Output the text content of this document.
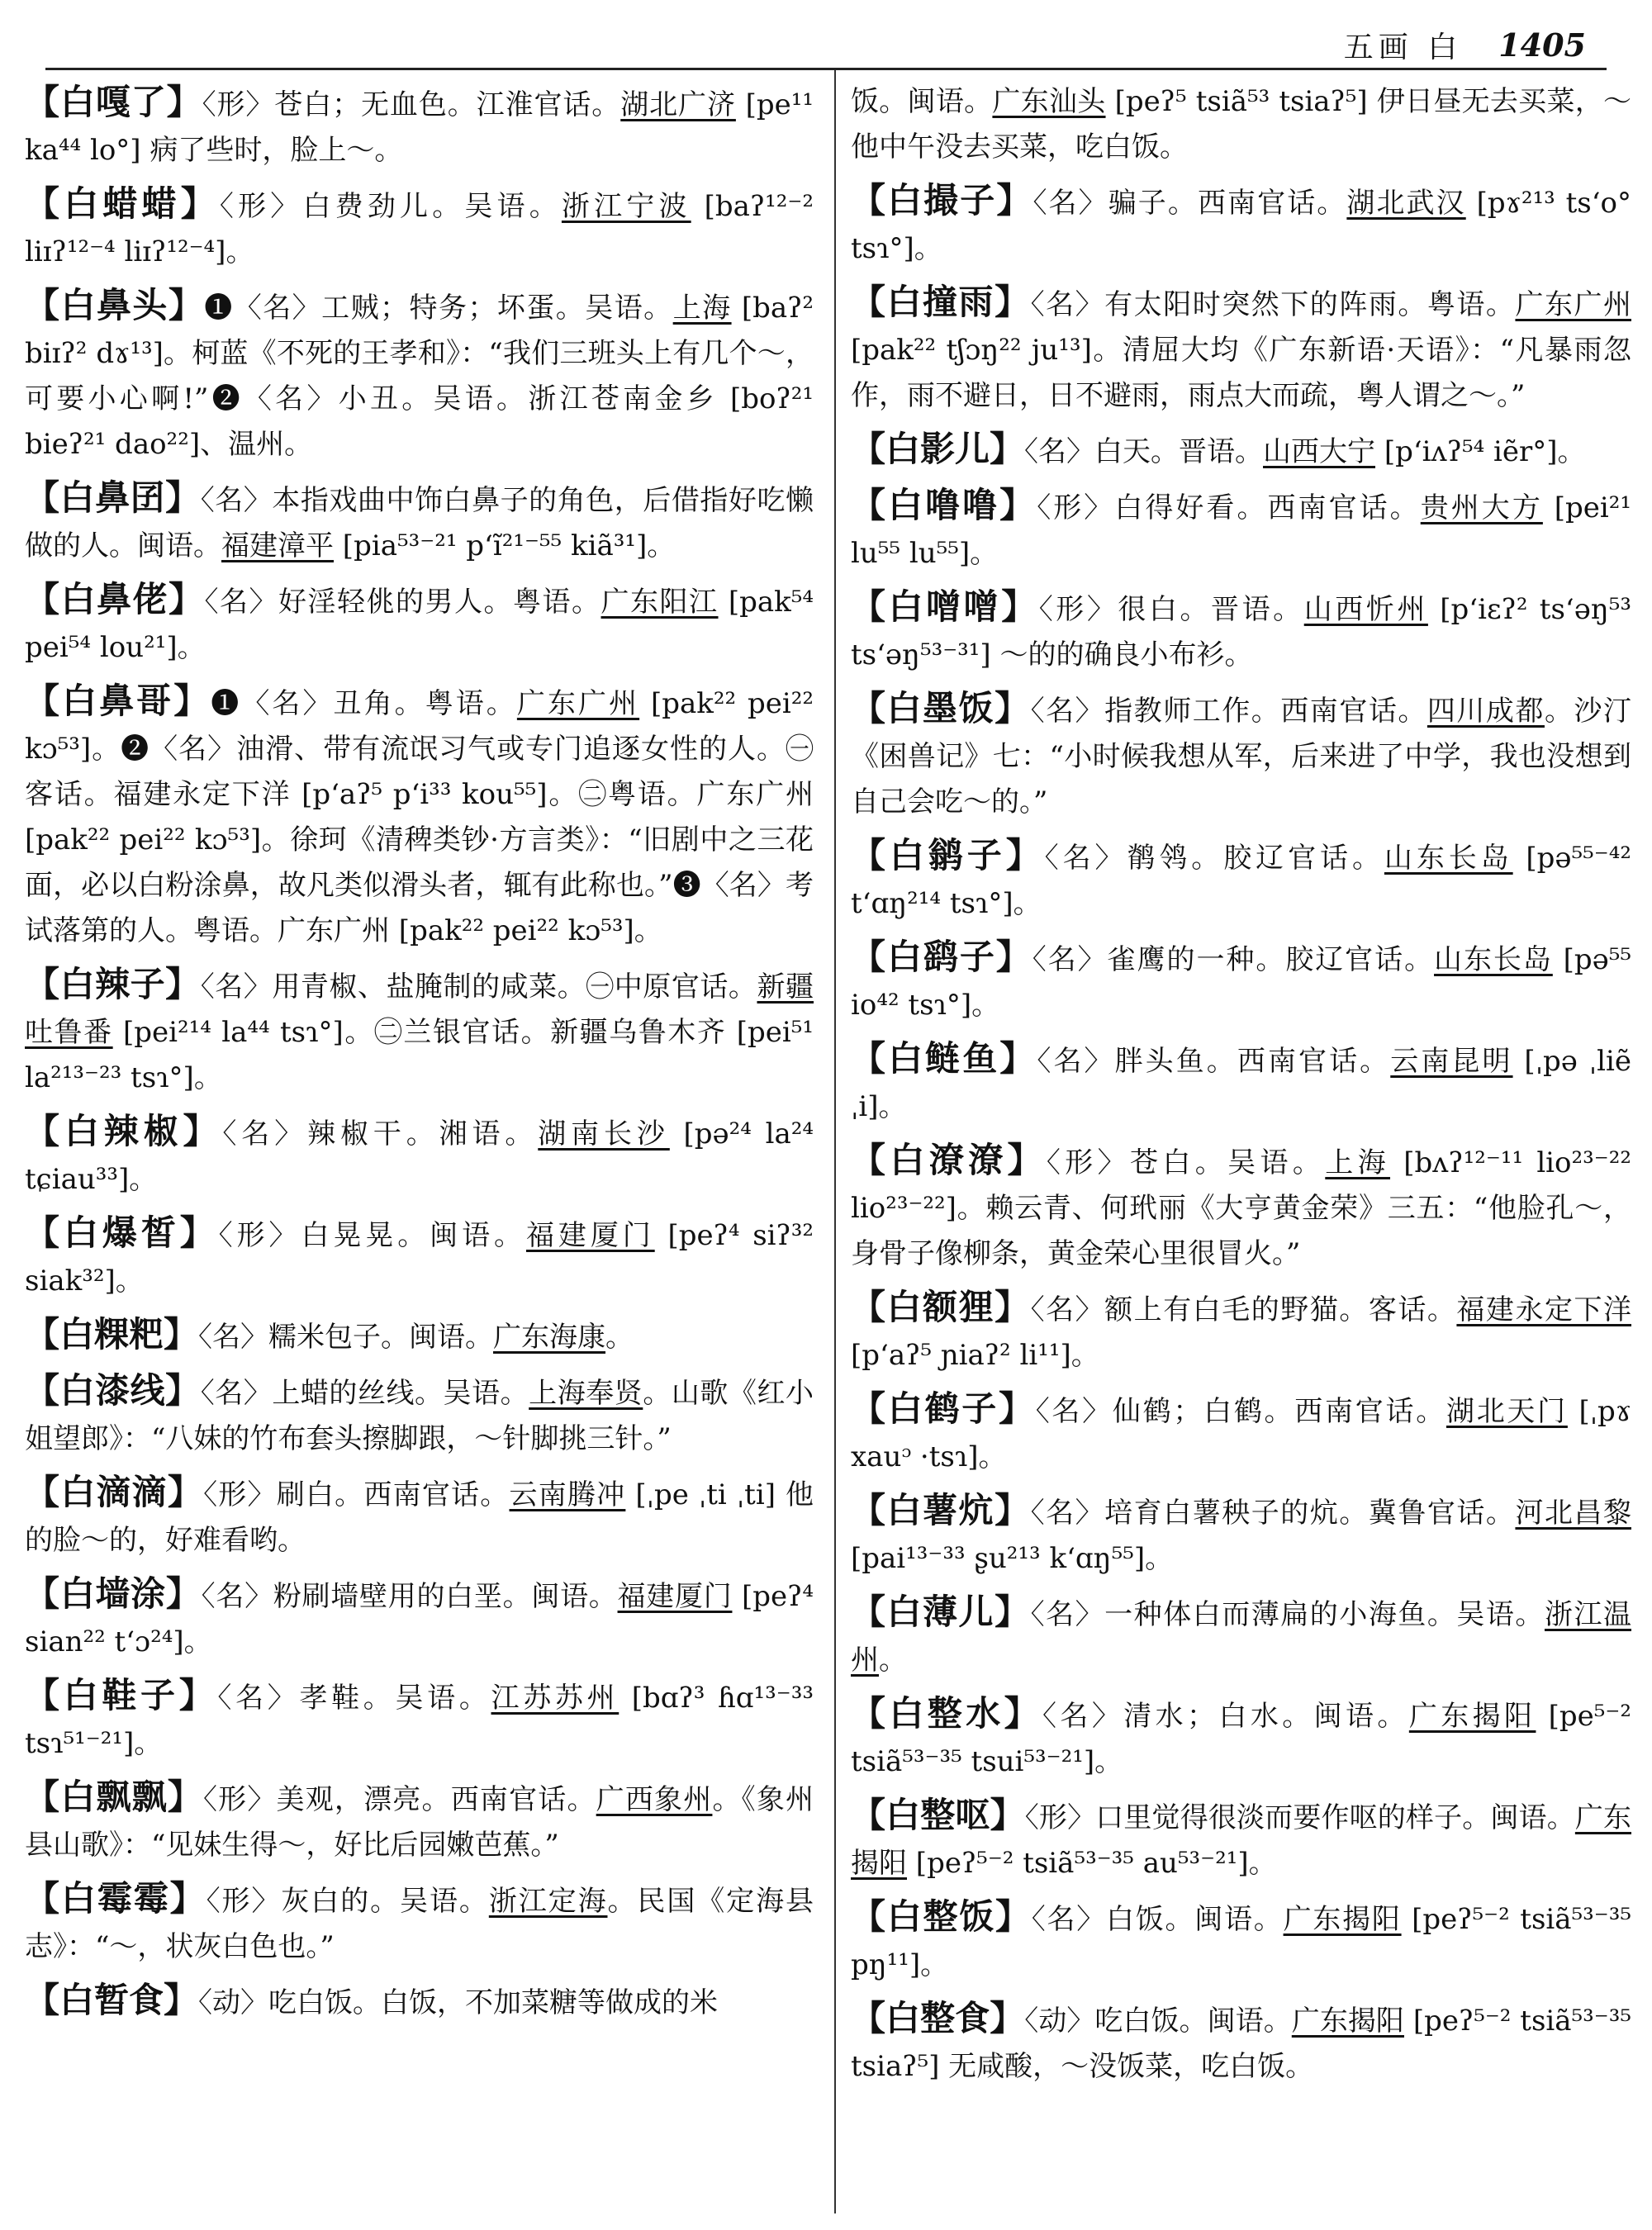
五画 白 1405
【白嘎了】〈形〉苍白；无血色。江淮官话。湖北广济 [pe¹¹ ka⁴⁴ lo°] 病了些时，脸上～。
【白蜡蜡】〈形〉白费劲儿。吴语。浙江宁波 [baʔ¹²⁻² liɪʔ¹²⁻⁴ liɪʔ¹²⁻⁴]。
【白鼻头】❶〈名〉工贼；特务；坏蛋。吴语。上海 [baʔ² biɪʔ² dɤ¹³]。柯蓝《不死的王孝和》：“我们三班头上有几个～，可要小心啊!”❷〈名〉小丑。吴语。浙江苍南金乡 [boʔ²¹ bieʔ²¹ dao²²]、温州。
【白鼻囝】〈名〉本指戏曲中饰白鼻子的角色，后借指好吃懒做的人。闽语。福建漳平 [pia⁵³⁻²¹ p‘ĩ²¹⁻⁵⁵ kiã³¹]。
【白鼻佬】〈名〉好淫轻佻的男人。粤语。广东阳江 [pak⁵⁴ pei⁵⁴ lou²¹]。
【白鼻哥】❶〈名〉丑角。粤语。广东广州 [pak²² pei²² kɔ⁵³]。❷〈名〉油滑、带有流氓习气或专门追逐女性的人。㊀客话。福建永定下洋 [p‘aʔ⁵ p‘i³³ kou⁵⁵]。㊁粤语。广东广州 [pak²² pei²² kɔ⁵³]。徐珂《清稗类钞·方言类》：“旧剧中之三花面，必以白粉涂鼻，故凡类似滑头者，辄有此称也。”❸〈名〉考试落第的人。粤语。广东广州 [pak²² pei²² kɔ⁵³]。
【白辣子】〈名〉用青椒、盐腌制的咸菜。㊀中原官话。新疆吐鲁番 [pei²¹⁴ la⁴⁴ tsɿ°]。㊁兰银官话。新疆乌鲁木齐 [pei⁵¹ la²¹³⁻²³ tsɿ°]。
【白辣椒】〈名〉辣椒干。湘语。湖南长沙 [pə²⁴ la²⁴ tɕiau³³]。
【白爆皙】〈形〉白晃晃。闽语。福建厦门 [peʔ⁴ siʔ³² siak³²]。
【白粿粑】〈名〉糯米包子。闽语。广东海康。
【白漆线】〈名〉上蜡的丝线。吴语。上海奉贤。山歌《红小姐望郎》：“八妹的竹布套头擦脚跟，～针脚挑三针。”
【白滴滴】〈形〉刷白。西南官话。云南腾冲 [ˌpe ˌti ˌti] 他的脸～的，好难看哟。
【白墙涂】〈名〉粉刷墙壁用的白垩。闽语。福建厦门 [peʔ⁴ sian²² t‘ɔ²⁴]。
【白鞋子】〈名〉孝鞋。吴语。江苏苏州 [bɑʔ³ ɦɑ¹³⁻³³ tsɿ⁵¹⁻²¹]。
【白飘飘】〈形〉美观，漂亮。西南官话。广西象州。《象州县山歌》：“见妹生得～，好比后园嫩芭蕉。”
【白霉霉】〈形〉灰白的。吴语。浙江定海。民国《定海县志》：“～，状灰白色也。”
【白暂食】〈动〉吃白饭。白饭，不加菜糖等做成的米
饭。闽语。广东汕头 [peʔ⁵ tsiã⁵³ tsiaʔ⁵] 伊日昼无去买菜，～他中午没去买菜，吃白饭。
【白撮子】〈名〉骗子。西南官话。湖北武汉 [pɤ²¹³ ts‘o° tsɿ°]。
【白撞雨】〈名〉有太阳时突然下的阵雨。粤语。广东广州 [pak²² tʃɔŋ²² ju¹³]。清屈大均《广东新语·天语》：“凡暴雨忽作，雨不避日，日不避雨，雨点大而疏，粤人谓之～。”
【白影儿】〈名〉白天。晋语。山西大宁 [p‘iʌʔ⁵⁴ iẽr°]。
【白噜噜】〈形〉白得好看。西南官话。贵州大方 [pei²¹ lu⁵⁵ lu⁵⁵]。
【白噌噌】〈形〉很白。晋语。山西忻州 [p‘iɛʔ² ts‘əŋ⁵³ ts‘əŋ⁵³⁻³¹] ～的的确良小布衫。
【白墨饭】〈名〉指教师工作。西南官话。四川成都。沙汀《困兽记》七：“小时候我想从军，后来进了中学，我也没想到自己会吃～的。”
【白鹟子】〈名〉鹡鸰。胶辽官话。山东长岛 [pə⁵⁵⁻⁴² t‘ɑŋ²¹⁴ tsɿ°]。
【白鹞子】〈名〉雀鹰的一种。胶辽官话。山东长岛 [pə⁵⁵ io⁴² tsɿ°]。
【白鲢鱼】〈名〉胖头鱼。西南官话。云南昆明 [ˌpə ˌliẽ ˌi]。
【白潦潦】〈形〉苍白。吴语。上海 [bʌʔ¹²⁻¹¹ lio²³⁻²² lio²³⁻²²]。赖云青、何玳丽《大亨黄金荣》三五：“他脸孔～，身骨子像柳条，黄金荣心里很冒火。”
【白额狸】〈名〉额上有白毛的野猫。客话。福建永定下洋 [p‘aʔ⁵ ɲiaʔ² li¹¹]。
【白鹤子】〈名〉仙鹤；白鹤。西南官话。湖北天门 [ˌpɤ xauᵓ ·tsɿ]。
【白薯炕】〈名〉培育白薯秧子的炕。冀鲁官话。河北昌黎 [pai¹³⁻³³ ʂu²¹³ k‘ɑŋ⁵⁵]。
【白薄儿】〈名〉一种体白而薄扁的小海鱼。吴语。浙江温州。
【白整水】〈名〉清水；白水。闽语。广东揭阳 [pe⁵⁻² tsiã⁵³⁻³⁵ tsui⁵³⁻²¹]。
【白整呕】〈形〉口里觉得很淡而要作呕的样子。闽语。广东揭阳 [peʔ⁵⁻² tsiã⁵³⁻³⁵ au⁵³⁻²¹]。
【白整饭】〈名〉白饭。闽语。广东揭阳 [peʔ⁵⁻² tsiã⁵³⁻³⁵ pŋ¹¹]。
【白整食】〈动〉吃白饭。闽语。广东揭阳 [peʔ⁵⁻² tsiã⁵³⁻³⁵ tsiaʔ⁵] 无咸酸，～没饭菜，吃白饭。
